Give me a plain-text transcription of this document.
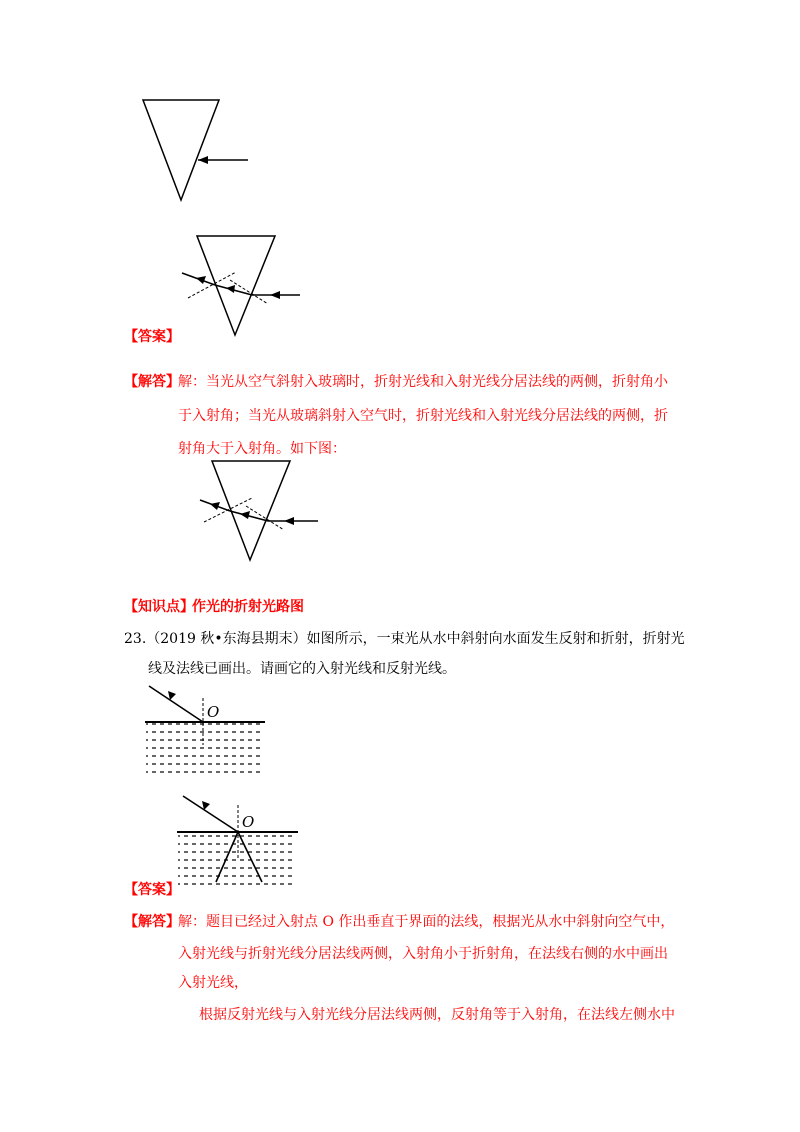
O
O
【答案】
【解答】
解：当光从空气斜射入玻璃时，折射光线和入射光线分居法线的两侧，折射角小
于入射角；当光从玻璃斜射入空气时，折射光线和入射光线分居法线的两侧，折
射角大于入射角。如下图：
【知识点】
作光的折射光路图
23.（2019 秋•东海县期末）如图所示，一束光从水中斜射向水面发生反射和折射，折射光
线及法线已画出。请画它的入射光线和反射光线。
【答案】
【解答】
解：题目已经过入射点 O 作出垂直于界面的法线，根据光从水中斜射向空气中，
入射光线与折射光线分居法线两侧，入射角小于折射角，在法线右侧的水中画出
入射光线，
根据反射光线与入射光线分居法线两侧，反射角等于入射角，在法线左侧水中
